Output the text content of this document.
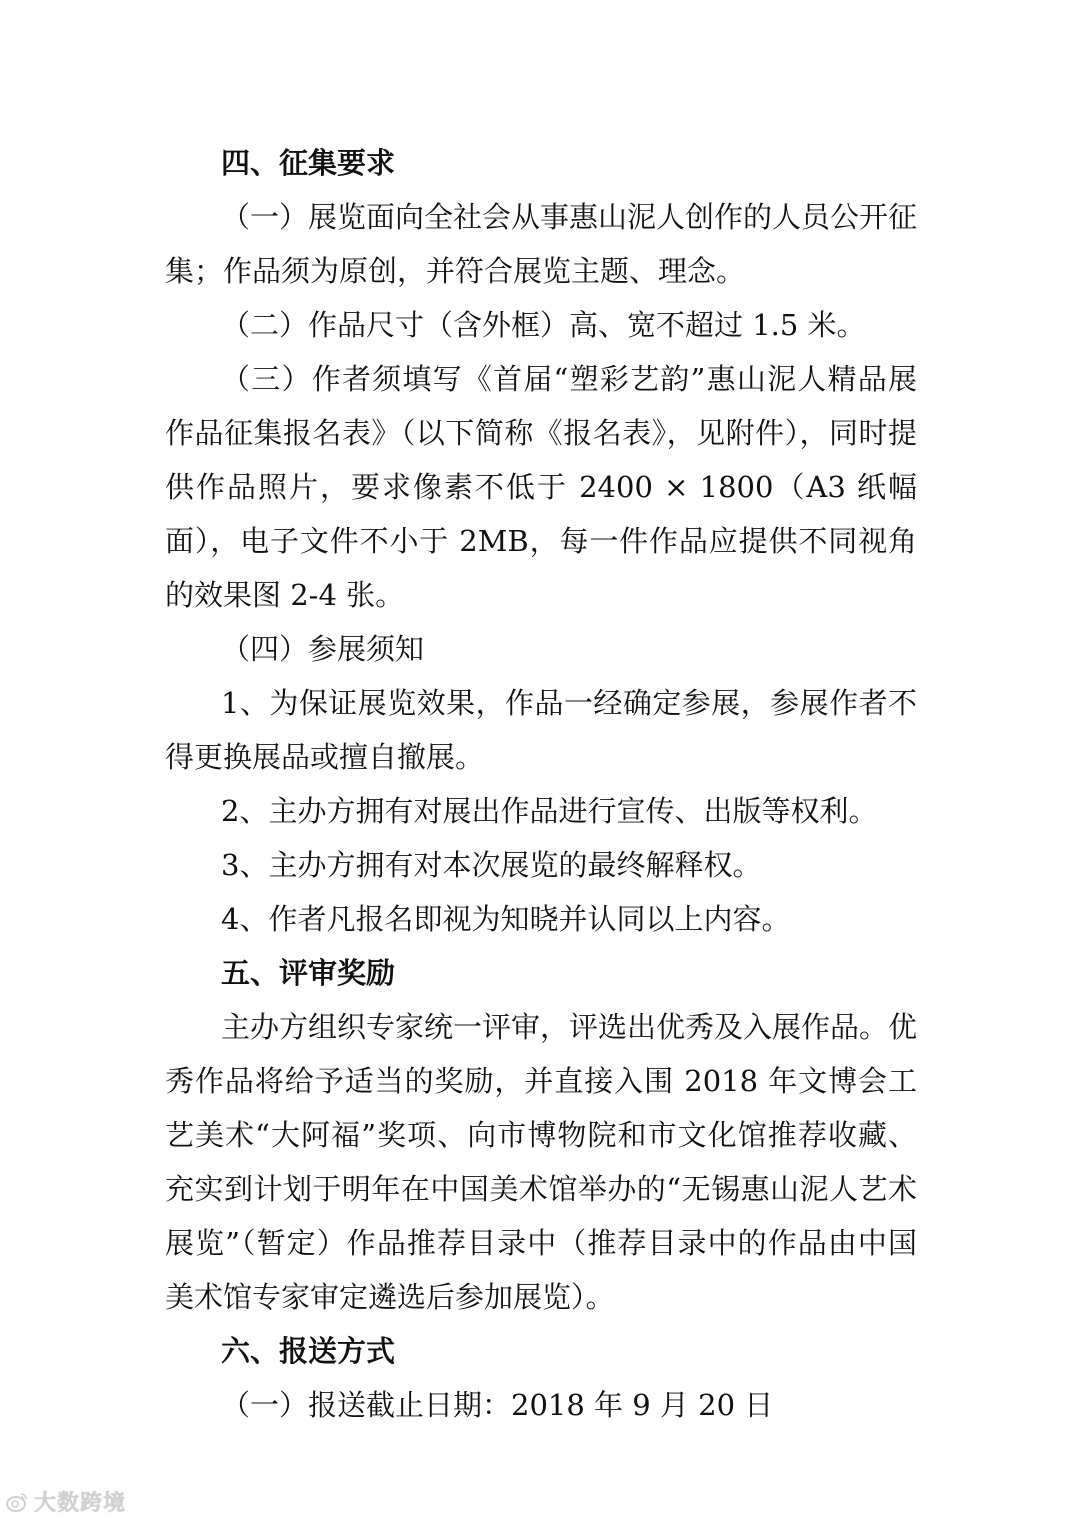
四、征集要求

（一）展览面向全社会从事惠山泥人创作的人员公开征集；作品须为原创，并符合展览主题、理念。

（二）作品尺寸（含外框）高、宽不超过 1.5 米。

（三）作者须填写《首届“塑彩艺韵”惠山泥人精品展作品征集报名表》（以下简称《报名表》，见附件），同时提供作品照片，要求像素不低于 2400 × 1800（A3 纸幅面），电子文件不小于 2MB，每一件作品应提供不同视角的效果图 2-4 张。

（四）参展须知

1、为保证展览效果，作品一经确定参展，参展作者不得更换展品或擅自撤展。

2、主办方拥有对展出作品进行宣传、出版等权利。

3、主办方拥有对本次展览的最终解释权。

4、作者凡报名即视为知晓并认同以上内容。

五、评审奖励

主办方组织专家统一评审，评选出优秀及入展作品。优秀作品将给予适当的奖励，并直接入围 2018 年文博会工艺美术“大阿福”奖项、向市博物院和市文化馆推荐收藏、充实到计划于明年在中国美术馆举办的“无锡惠山泥人艺术展览”（暂定）作品推荐目录中（推荐目录中的作品由中国美术馆专家审定遴选后参加展览）。

六、报送方式

（一）报送截止日期：2018 年 9 月 20 日

大数跨境
